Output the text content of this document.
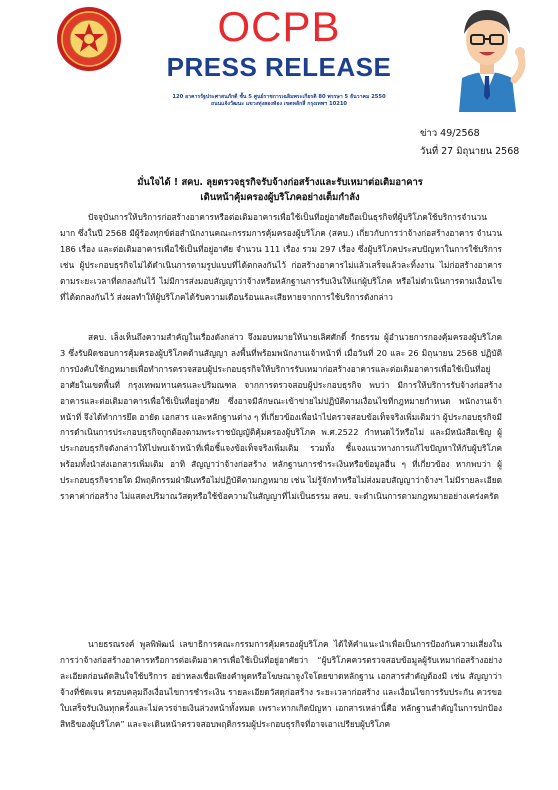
OCPB
PRESS RELEASE
120 อาคารรัฐประศาสนภักดี ชั้น 5 ศูนย์ราชการเฉลิมพระเกียรติ 80 พรรษา 5 ธันวาคม 2550
ถนนแจ้งวัฒนะ แขวงทุ่งสองห้อง เขตหลักสี่ กรุงเทพฯ 10210
ข่าว 49/2568
วันที่ 27 มิถุนายน 2568
มั่นใจได้ ! สคบ. ลุยตรวจธุรกิจรับจ้างก่อสร้างและรับเหมาต่อเติมอาคาร
เดินหน้าคุ้มครองผู้บริโภคอย่างเต็มกำลัง
ปัจจุบันการให้บริการก่อสร้างอาคารหรือต่อเติมอาคารเพื่อใช้เป็นที่อยู่อาศัยถือเป็นธุรกิจที่ผู้บริโภคใช้บริการจำนวนมาก ซึ่งในปี 2568 มีผู้ร้องทุกข์ต่อสำนักงานคณะกรรมการคุ้มครองผู้บริโภค (สคบ.) เกี่ยวกับการว่าจ้างก่อสร้างอาคาร จำนวน 186 เรื่อง และต่อเติมอาคารเพื่อใช้เป็นที่อยู่อาศัย จำนวน 111 เรื่อง รวม 297 เรื่อง ซึ่งผู้บริโภคประสบปัญหาในการใช้บริการ เช่น ผู้ประกอบธุรกิจไม่ได้ดำเนินการตามรูปแบบที่ได้ตกลงกันไว้ ก่อสร้างอาคารไม่แล้วเสร็จแล้วละทิ้งงาน ไม่ก่อสร้างอาคารตามระยะเวลาที่ตกลงกันไว้ ไม่มีการส่งมอบสัญญาว่าจ้างหรือหลักฐานการรับเงินให้แก่ผู้บริโภค หรือไม่ดำเนินการตามเงื่อนไขที่ได้ตกลงกันไว้ ส่งผลทำให้ผู้บริโภคได้รับความเดือนร้อนและเสียหายจากการใช้บริการดังกล่าว
สคบ. เล็งเห็นถึงความสำคัญในเรื่องดังกล่าว จึงมอบหมายให้นายเลิศศักดิ์ รักธรรม ผู้อำนวยการกองคุ้มครองผู้บริโภค 3 ซึ่งรับผิดชอบการคุ้มครองผู้บริโภคด้านสัญญา ลงพื้นที่พร้อมพนักงานเจ้าหน้าที่ เมื่อวันที่ 20 และ 26 มิถุนายน 2568 ปฏิบัติการบังคับใช้กฎหมายเพื่อทำการตรวจสอบผู้ประกอบธุรกิจให้บริการรับเหมาก่อสร้างอาคารและต่อเติมอาคารเพื่อใช้เป็นที่อยู่อาศัยในเขตพื้นที่ กรุงเทพมหานครและปริมณฑล จากการตรวจสอบผู้ประกอบธุรกิจ พบว่า มีการให้บริการรับจ้างก่อสร้างอาคารและต่อเติมอาคารเพื่อใช้เป็นที่อยู่อาศัย ซึ่งอาจมีลักษณะเข้าข่ายไม่ปฏิบัติตามเงื่อนไขที่กฎหมายกำหนด พนักงานเจ้าหน้าที่ จึงได้ทำการยึด อายัด เอกสาร และหลักฐานต่าง ๆ ที่เกี่ยวข้องเพื่อนำไปตรวจสอบข้อเท็จจริงเพิ่มเติมว่า ผู้ประกอบธุรกิจมีการดำเนินการประกอบธุรกิจถูกต้องตามพระราชบัญญัติคุ้มครองผู้บริโภค พ.ศ.2522 กำหนดไว้หรือไม่ และมีหนังสือเชิญ ผู้ประกอบธุรกิจดังกล่าวให้ไปพบเจ้าหน้าที่เพื่อชี้แจงข้อเท็จจริงเพิ่มเติม รวมทั้ง ชี้แจงแนวทางการแก้ไขปัญหาให้กับผู้บริโภค พร้อมทั้งนำส่งเอกสารเพิ่มเติม อาทิ สัญญาว่าจ้างก่อสร้าง หลักฐานการชำระเงินหรือข้อมูลอื่น ๆ ที่เกี่ยวข้อง หากพบว่า ผู้ประกอบธุรกิจรายใด มีพฤติกรรมฝ่าฝืนหรือไม่ปฏิบัติตามกฎหมาย เช่น ไม่รู้จักทำหรือไม่ส่งมอบสัญญาว่าจ้างฯ ไม่มีรายละเอียดราคาค่าก่อสร้าง ไม่แสดงปริมาณวัสดุหรือใช้ข้อความในสัญญาที่ไม่เป็นธรรม สคบ. จะดำเนินการตามกฎหมายอย่างเคร่งครัด
นายธรณรงค์ พูลพิพัฒน์ เลขาธิการคณะกรรมการคุ้มครองผู้บริโภค ได้ให้คำแนะนำเพื่อเป็นการป้องกันความเสี่ยงในการว่าจ้างก่อสร้างอาคารหรือการต่อเติมอาคารเพื่อใช้เป็นที่อยู่อาศัยว่า “ผู้บริโภคควรตรวจสอบข้อมูลผู้รับเหมาก่อสร้างอย่างละเอียดก่อนตัดสินใจใช้บริการ อย่าหลงเชื่อเพียงคำพูดหรือโฆษณาจูงใจโดยขาดหลักฐาน เอกสารสำคัญต้องมี เช่น สัญญาว่าจ้างที่ชัดเจน ครอบคลุมถึงเงื่อนไขการชำระเงิน รายละเอียดวัสดุก่อสร้าง ระยะเวลาก่อสร้าง และเงื่อนไขการรับประกัน ควรขอใบเสร็จรับเงินทุกครั้งและไม่ควรจ่ายเงินล่วงหน้าทั้งหมด เพราะหากเกิดปัญหา เอกสารเหล่านี้คือ หลักฐานสำคัญในการปกป้องสิทธิของผู้บริโภค” และจะเดินหน้าตรวจสอบพฤติกรรมผู้ประกอบธุรกิจที่อาจเอาเปรียบผู้บริโภค
